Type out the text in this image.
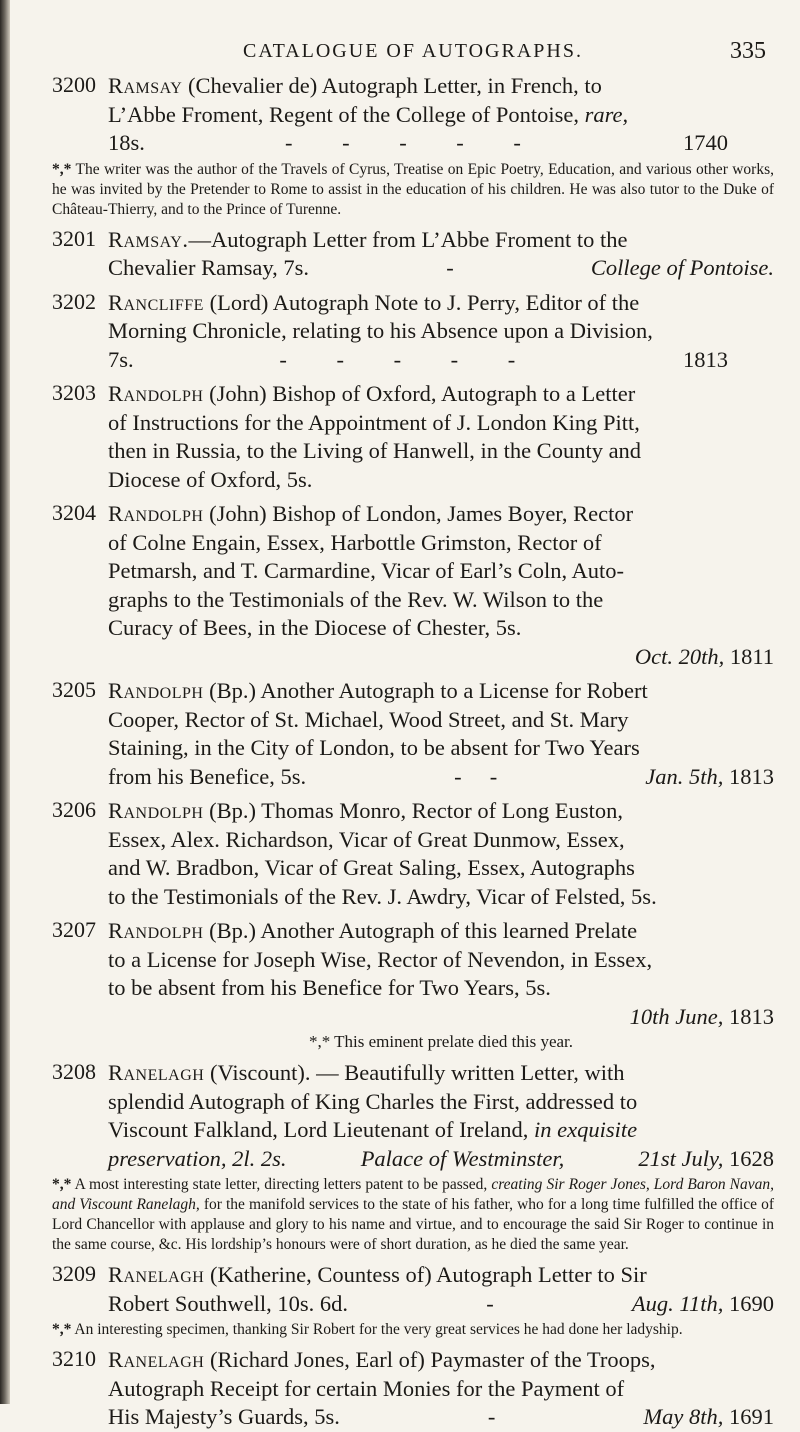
CATALOGUE OF AUTOGRAPHS.	335
3200 Ramsay (Chevalier de) Autograph Letter, in French, to
L’Abbe Froment, Regent of the College of Pontoise, rare,
18s.	- - - - -	1740
*,* The writer was the author of the Travels of Cyrus, Treatise on Epic Poetry, Education, and various other works, he was invited by the Pretender to Rome to assist in the education of his children. He was also tutor to the Duke of Château-Thierry, and to the Prince of Turenne.
3201 Ramsay.—Autograph Letter from L’Abbe Froment to the
Chevalier Ramsay, 7s.	-	College of Pontoise.
3202 Rancliffe (Lord) Autograph Note to J. Perry, Editor of the
Morning Chronicle, relating to his Absence upon a Division,
7s.	- - - - -	1813
3203 Randolph (John) Bishop of Oxford, Autograph to a Letter
of Instructions for the Appointment of J. London King Pitt,
then in Russia, to the Living of Hanwell, in the County and
Diocese of Oxford, 5s.
3204 Randolph (John) Bishop of London, James Boyer, Rector
of Colne Engain, Essex, Harbottle Grimston, Rector of
Petmarsh, and T. Carmardine, Vicar of Earl’s Coln, Auto-
graphs to the Testimonials of the Rev. W. Wilson to the
Curacy of Bees, in the Diocese of Chester, 5s.
Oct. 20th, 1811
3205 Randolph (Bp.) Another Autograph to a License for Robert
Cooper, Rector of St. Michael, Wood Street, and St. Mary
Staining, in the City of London, to be absent for Two Years
from his Benefice, 5s.	-     -	Jan. 5th, 1813
3206 Randolph (Bp.) Thomas Monro, Rector of Long Euston,
Essex, Alex. Richardson, Vicar of Great Dunmow, Essex,
and W. Bradbon, Vicar of Great Saling, Essex, Autographs
to the Testimonials of the Rev. J. Awdry, Vicar of Felsted, 5s.
3207 Randolph (Bp.) Another Autograph of this learned Prelate
to a License for Joseph Wise, Rector of Nevendon, in Essex,
to be absent from his Benefice for Two Years, 5s.
10th June, 1813
*,* This eminent prelate died this year.
3208 Ranelagh (Viscount). — Beautifully written Letter, with
splendid Autograph of King Charles the First, addressed to
Viscount Falkland, Lord Lieutenant of Ireland, in exquisite
preservation, 2l. 2s.	Palace of Westminster,	21st July, 1628
*,* A most interesting state letter, directing letters patent to be passed, creating Sir Roger Jones, Lord Baron Navan, and Viscount Ranelagh, for the manifold services to the state of his father, who for a long time fulfilled the office of Lord Chancellor with applause and glory to his name and virtue, and to encourage the said Sir Roger to continue in the same course, &c. His lordship’s honours were of short duration, as he died the same year.
3209 Ranelagh (Katherine, Countess of) Autograph Letter to Sir
Robert Southwell, 10s. 6d.	-	Aug. 11th, 1690
*,* An interesting specimen, thanking Sir Robert for the very great services he had done her ladyship.
3210 Ranelagh (Richard Jones, Earl of) Paymaster of the Troops,
Autograph Receipt for certain Monies for the Payment of
His Majesty’s Guards, 5s.	-	May 8th, 1691
